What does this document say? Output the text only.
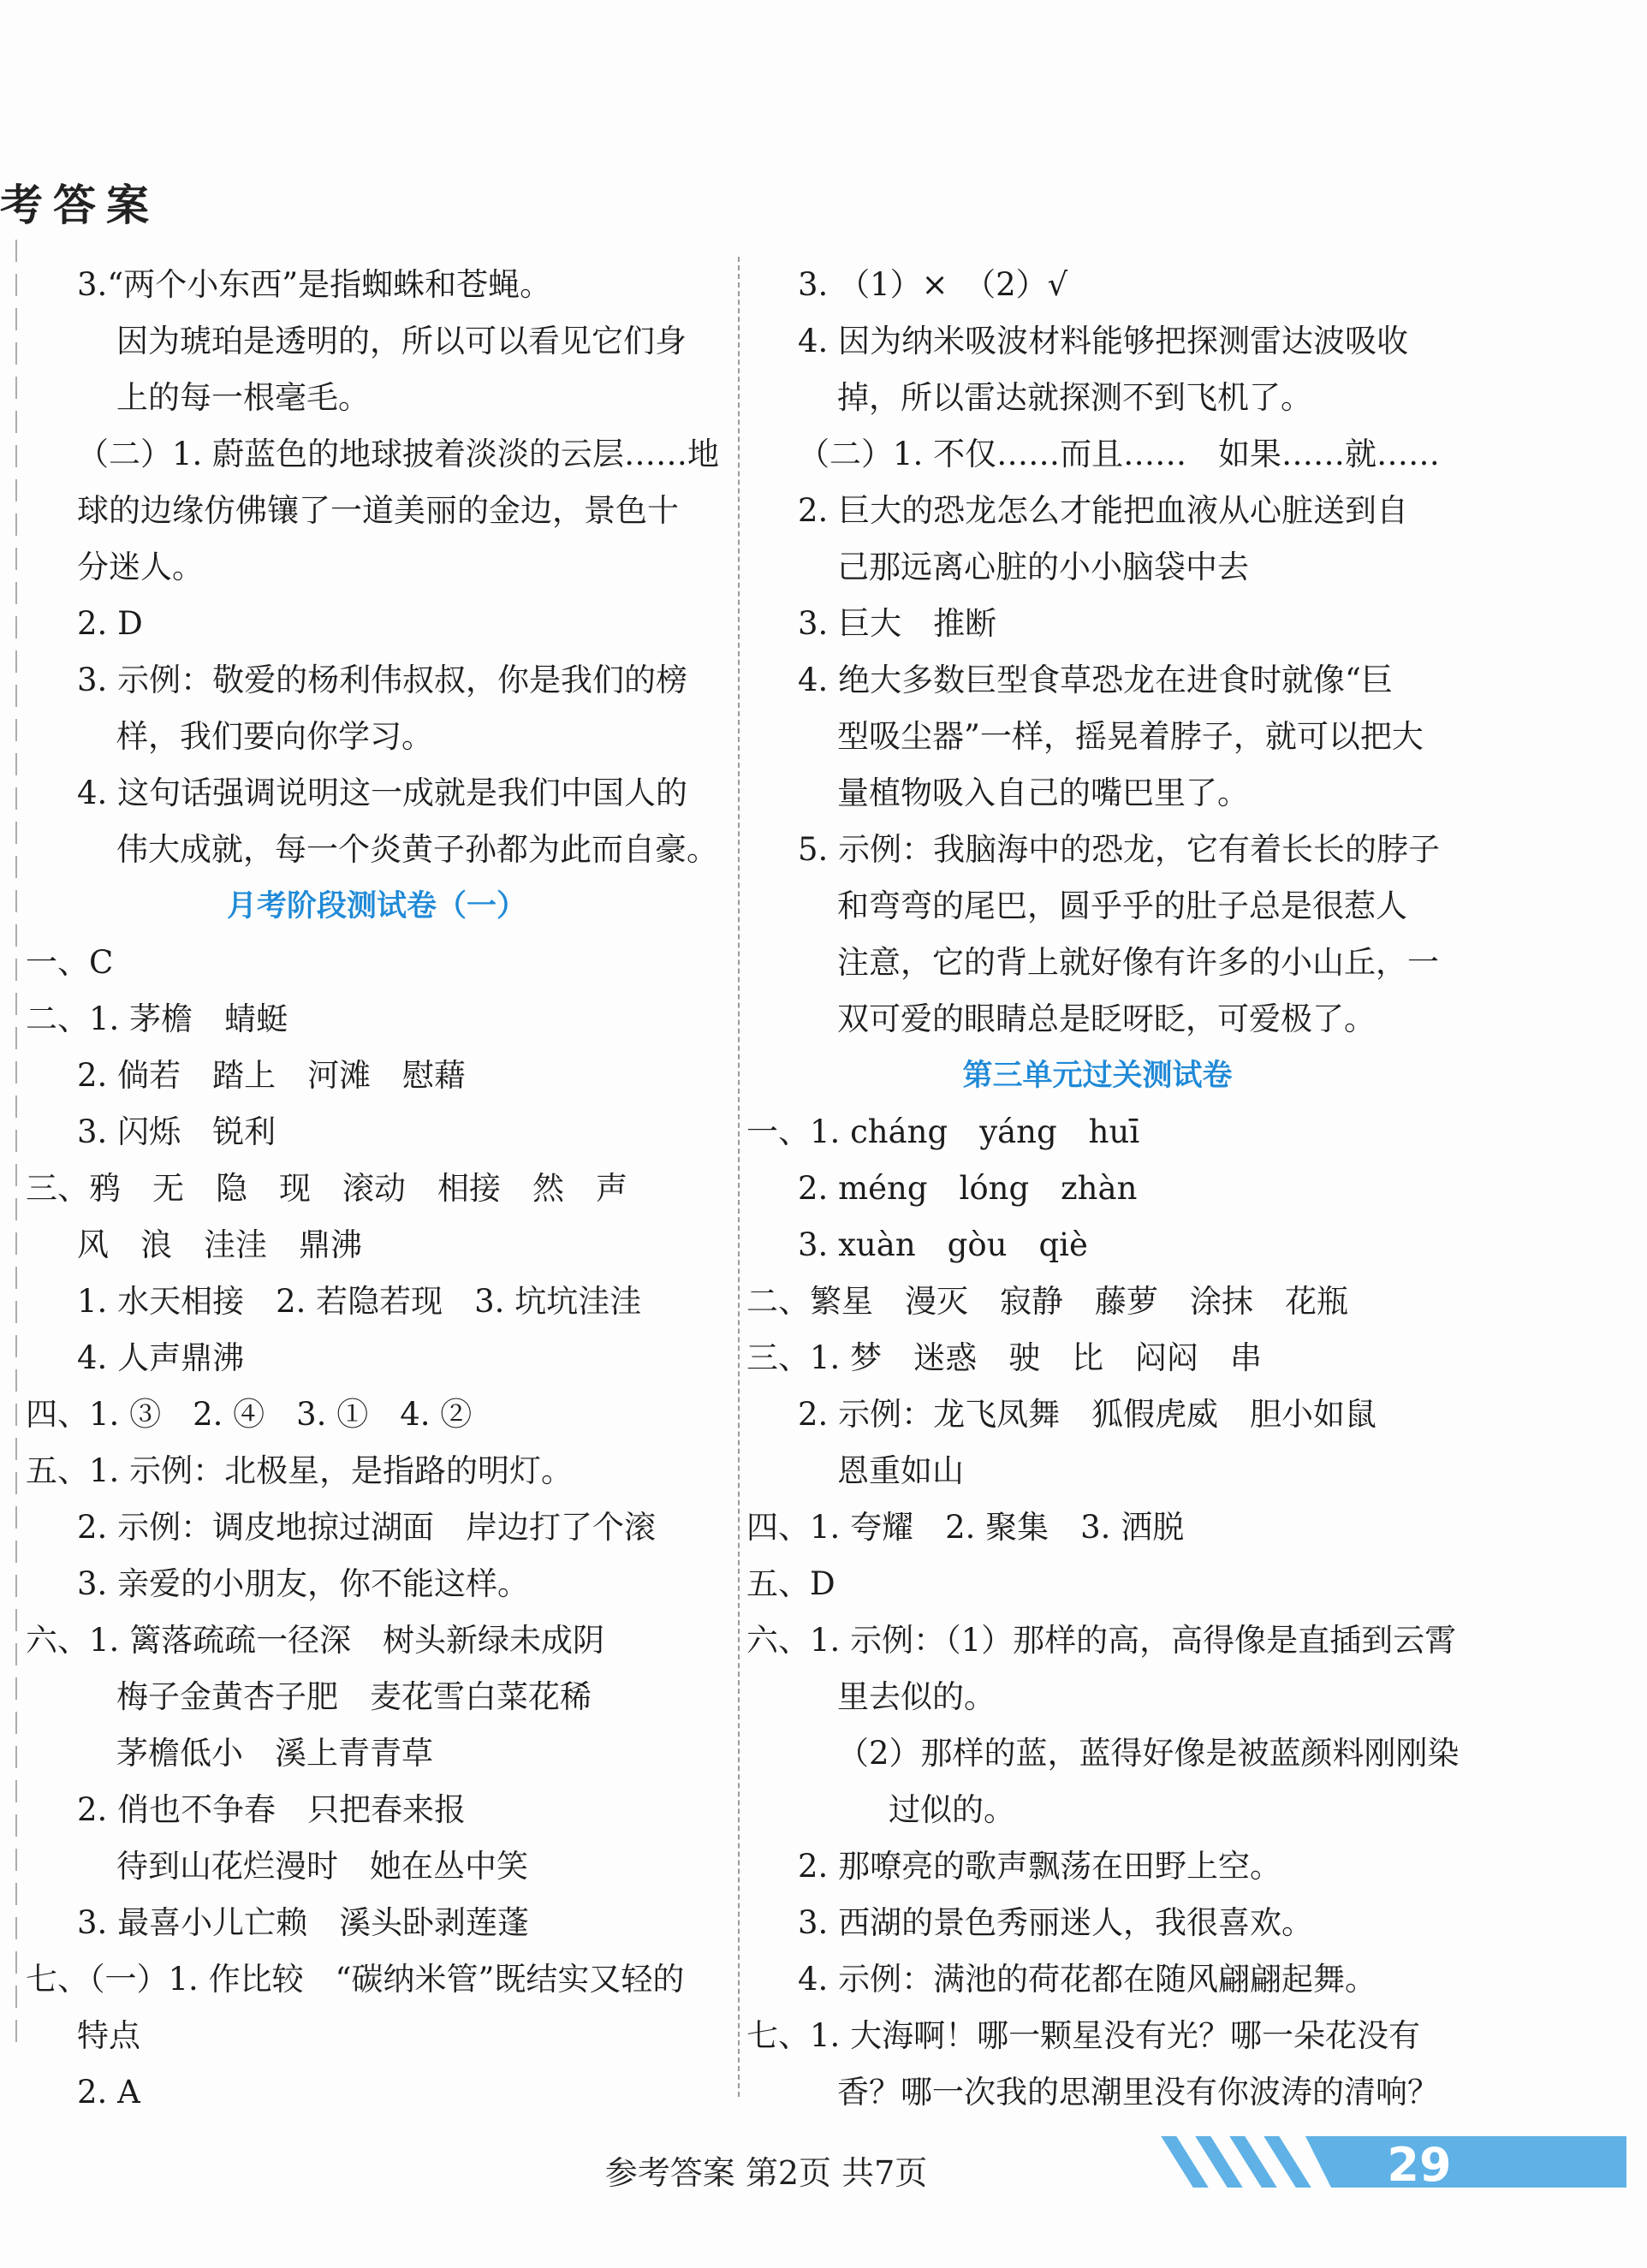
考答案
3.“两个小东西”是指蜘蛛和苍蝇。
因为琥珀是透明的，所以可以看见它们身
上的每一根毫毛。
（二）1. 蔚蓝色的地球披着淡淡的云层……地
球的边缘仿佛镶了一道美丽的金边，景色十
分迷人。
2. D
3. 示例：敬爱的杨利伟叔叔，你是我们的榜
样，我们要向你学习。
4. 这句话强调说明这一成就是我们中国人的
伟大成就，每一个炎黄子孙都为此而自豪。
月考阶段测试卷（一）
一、C
二、1. 茅檐　蜻蜓
2. 倘若　踏上　河滩　慰藉
3. 闪烁　锐利
三、鸦　无　隐　现　滚动　相接　然　声
风　浪　洼洼　鼎沸
1. 水天相接　2. 若隐若现　3. 坑坑洼洼
4. 人声鼎沸
四、1. ③　2. ④　3. ①　4. ②
五、1. 示例：北极星，是指路的明灯。
2. 示例：调皮地掠过湖面　岸边打了个滚
3. 亲爱的小朋友，你不能这样。
六、1. 篱落疏疏一径深　树头新绿未成阴
梅子金黄杏子肥　麦花雪白菜花稀
茅檐低小　溪上青青草
2. 俏也不争春　只把春来报
待到山花烂漫时　她在丛中笑
3. 最喜小儿亡赖　溪头卧剥莲蓬
七、（一）1. 作比较　“碳纳米管”既结实又轻的
特点
2. A
3. （1）×　（2）√
4. 因为纳米吸波材料能够把探测雷达波吸收
掉，所以雷达就探测不到飞机了。
（二）1. 不仅……而且……　如果……就……
2. 巨大的恐龙怎么才能把血液从心脏送到自
己那远离心脏的小小脑袋中去
3. 巨大　推断
4. 绝大多数巨型食草恐龙在进食时就像“巨
型吸尘器”一样，摇晃着脖子，就可以把大
量植物吸入自己的嘴巴里了。
5. 示例：我脑海中的恐龙，它有着长长的脖子
和弯弯的尾巴，圆乎乎的肚子总是很惹人
注意，它的背上就好像有许多的小山丘，一
双可爱的眼睛总是眨呀眨，可爱极了。
第三单元过关测试卷
一、1. cháng　yáng　huī
2. méng　lóng　zhàn
3. xuàn　gòu　qiè
二、繁星　漫灭　寂静　藤萝　涂抹　花瓶
三、1. 梦　迷惑　驶　比　闷闷　串
2. 示例：龙飞凤舞　狐假虎威　胆小如鼠
恩重如山
四、1. 夸耀　2. 聚集　3. 洒脱
五、D
六、1. 示例：（1）那样的高，高得像是直插到云霄
里去似的。
（2）那样的蓝，蓝得好像是被蓝颜料刚刚染
过似的。
2. 那嘹亮的歌声飘荡在田野上空。
3. 西湖的景色秀丽迷人，我很喜欢。
4. 示例：满池的荷花都在随风翩翩起舞。
七、1. 大海啊！哪一颗星没有光？哪一朵花没有
香？哪一次我的思潮里没有你波涛的清响？
参考答案 第2页 共7页	29
